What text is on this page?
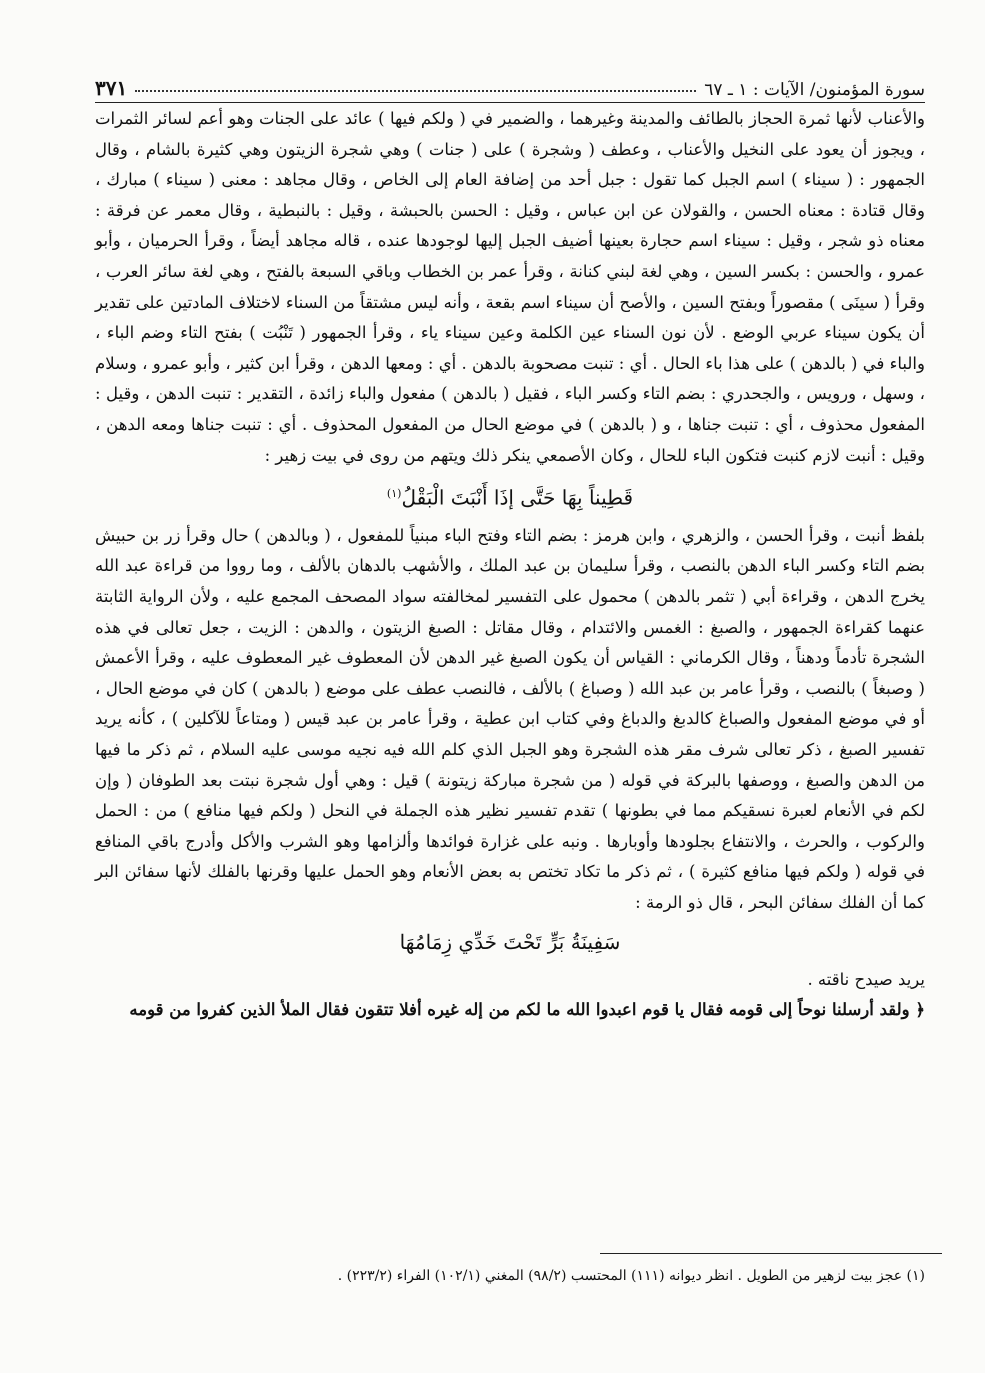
سورة المؤمنون/ الآيات : ١ ـ ٦٧
٣٧١

والأعناب لأنها ثمرة الحجاز بالطائف والمدينة وغيرهما ، والضمير في ( ولكم فيها ) عائد على الجنات وهو أعم لسائر الثمرات ، ويجوز أن يعود على النخيل والأعناب ، وعطف ( وشجرة ) على ( جنات ) وهي شجرة الزيتون وهي كثيرة بالشام ، وقال الجمهور : ( سيناء ) اسم الجبل كما تقول : جبل أحد من إضافة العام إلى الخاص ، وقال مجاهد : معنى ( سيناء ) مبارك ، وقال قتادة : معناه الحسن ، والقولان عن ابن عباس ، وقيل : الحسن بالحبشة ، وقيل : بالنبطية ، وقال معمر عن فرقة : معناه ذو شجر ، وقيل : سيناء اسم حجارة بعينها أضيف الجبل إليها لوجودها عنده ، قاله مجاهد أيضاً ، وقرأ الحرميان ، وأبو عمرو ، والحسن : بكسر السين ، وهي لغة لبني كنانة ، وقرأ عمر بن الخطاب وباقي السبعة بالفتح ، وهي لغة سائر العرب ، وقرأ ( سينَى ) مقصوراً وبفتح السين ، والأصح أن سيناء اسم بقعة ، وأنه ليس مشتقاً من السناء لاختلاف المادتين على تقدير أن يكون سيناء عربي الوضع . لأن نون السناء عين الكلمة وعين سيناء ياء ، وقرأ الجمهور ( تَنْبُت ) بفتح التاء وضم الباء ، والباء في ( بالدهن ) على هذا باء الحال . أي : تنبت مصحوبة بالدهن . أي : ومعها الدهن ، وقرأ ابن كثير ، وأبو عمرو ، وسلام ، وسهل ، ورويس ، والجحدري : بضم التاء وكسر الباء ، فقيل ( بالدهن ) مفعول والباء زائدة ، التقدير : تنبت الدهن ، وقيل : المفعول محذوف ، أي : تنبت جناها ، و ( بالدهن ) في موضع الحال من المفعول المحذوف . أي : تنبت جناها ومعه الدهن ، وقيل : أنبت لازم كنبت فتكون الباء للحال ، وكان الأصمعي ينكر ذلك ويتهم من روى في بيت زهير :

قَطِيناً بِهَا حَتَّى إذَا أَنْبَتَ الْبَقْلُ$^{(١)}$

بلفظ أنبت ، وقرأ الحسن ، والزهري ، وابن هرمز : بضم التاء وفتح الباء مبنياً للمفعول ، ( وبالدهن ) حال وقرأ زر بن حبيش بضم التاء وكسر الباء الدهن بالنصب ، وقرأ سليمان بن عبد الملك ، والأشهب بالدهان بالألف ، وما رووا من قراءة عبد الله يخرج الدهن ، وقراءة أبي ( تثمر بالدهن ) محمول على التفسير لمخالفته سواد المصحف المجمع عليه ، ولأن الرواية الثابتة عنهما كقراءة الجمهور ، والصبغ : الغمس والائتدام ، وقال مقاتل : الصبغ الزيتون ، والدهن : الزيت ، جعل تعالى في هذه الشجرة تأدماً ودهناً ، وقال الكرماني : القياس أن يكون الصبغ غير الدهن لأن المعطوف غير المعطوف عليه ، وقرأ الأعمش ( وصبغاً ) بالنصب ، وقرأ عامر بن عبد الله ( وصباغ ) بالألف ، فالنصب عطف على موضع ( بالدهن ) كان في موضع الحال ، أو في موضع المفعول والصباغ كالدبغ والدباغ وفي كتاب ابن عطية ، وقرأ عامر بن عبد قيس ( ومتاعاً للآكلين ) ، كأنه يريد تفسير الصبغ ، ذكر تعالى شرف مقر هذه الشجرة وهو الجبل الذي كلم الله فيه نجيه موسى عليه السلام ، ثم ذكر ما فيها من الدهن والصبغ ، ووصفها بالبركة في قوله ( من شجرة مباركة زيتونة ) قيل : وهي أول شجرة نبتت بعد الطوفان ( وإن لكم في الأنعام لعبرة نسقيكم مما في بطونها ) تقدم تفسير نظير هذه الجملة في النحل ( ولكم فيها منافع ) من : الحمل والركوب ، والحرث ، والانتفاع بجلودها وأوبارها . ونبه على غزارة فوائدها وألزامها وهو الشرب والأكل وأدرج باقي المنافع في قوله ( ولكم فيها منافع كثيرة ) ، ثم ذكر ما تكاد تختص به بعض الأنعام وهو الحمل عليها وقرنها بالفلك لأنها سفائن البر كما أن الفلك سفائن البحر ، قال ذو الرمة :

سَفِينَةُ بَرٍّ تَحْتَ خَدِّي زِمَامُهَا

يريد صيدح ناقته .

﴿ ولقد أرسلنا نوحاً إلى قومه فقال يا قوم اعبدوا الله ما لكم من إله غيره أفلا تتقون فقال الملأ الذين كفروا من قومه

(١) عجز بيت لزهير من الطويل . انظر ديوانه (١١١) المحتسب (٩٨/٢) المغني (١٠٢/١) الفراء (٢٢٣/٢) .
